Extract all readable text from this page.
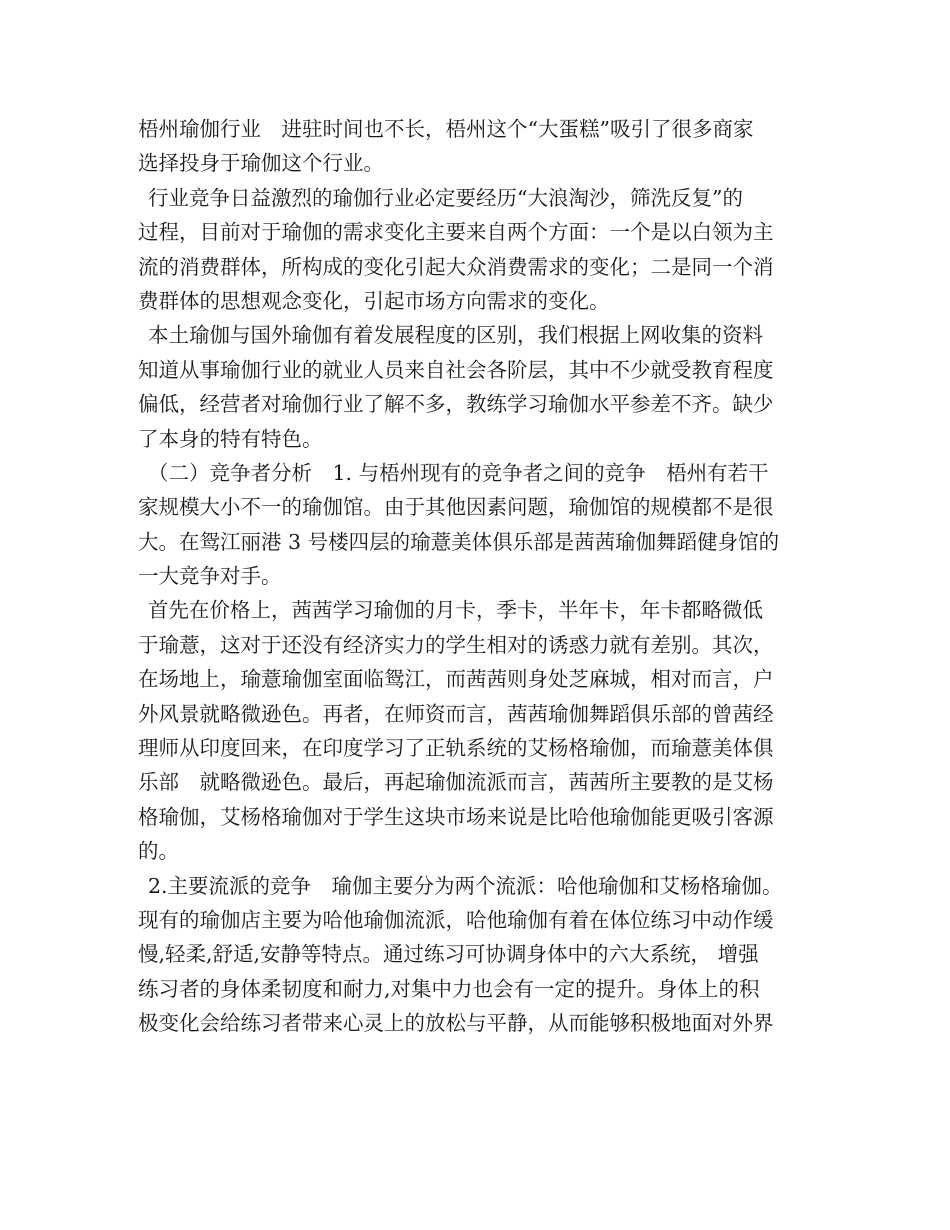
梧州瑜伽行业　进驻时间也不长，梧州这个“大蛋糕”吸引了很多商家
选择投身于瑜伽这个行业。
行业竞争日益激烈的瑜伽行业必定要经历“大浪淘沙，筛洗反复”的
过程，目前对于瑜伽的需求变化主要来自两个方面：一个是以白领为主
流的消费群体，所构成的变化引起大众消费需求的变化；二是同一个消
费群体的思想观念变化，引起市场方向需求的变化。
本土瑜伽与国外瑜伽有着发展程度的区别，我们根据上网收集的资料
知道从事瑜伽行业的就业人员来自社会各阶层，其中不少就受教育程度
偏低，经营者对瑜伽行业了解不多，教练学习瑜伽水平参差不齐。缺少
了本身的特有特色。
（二）竞争者分析　1. 与梧州现有的竞争者之间的竞争　梧州有若干
家规模大小不一的瑜伽馆。由于其他因素问题，瑜伽馆的规模都不是很
大。在鸳江丽港 3 号楼四层的瑜薏美体俱乐部是茜茜瑜伽舞蹈健身馆的
一大竞争对手。
首先在价格上，茜茜学习瑜伽的月卡，季卡，半年卡，年卡都略微低
于瑜薏，这对于还没有经济实力的学生相对的诱惑力就有差别。其次，
在场地上，瑜薏瑜伽室面临鸳江，而茜茜则身处芝麻城，相对而言，户
外风景就略微逊色。再者，在师资而言，茜茜瑜伽舞蹈俱乐部的曾茜经
理师从印度回来，在印度学习了正轨系统的艾杨格瑜伽，而瑜薏美体俱
乐部　就略微逊色。最后，再起瑜伽流派而言，茜茜所主要教的是艾杨
格瑜伽，艾杨格瑜伽对于学生这块市场来说是比哈他瑜伽能更吸引客源
的。
2.主要流派的竞争　瑜伽主要分为两个流派：哈他瑜伽和艾杨格瑜伽。
现有的瑜伽店主要为哈他瑜伽流派，哈他瑜伽有着在体位练习中动作缓
慢,轻柔,舒适,安静等特点。通过练习可协调身体中的六大系统， 增强
练习者的身体柔韧度和耐力,对集中力也会有一定的提升。身体上的积
极变化会给练习者带来心灵上的放松与平静，从而能够积极地面对外界
